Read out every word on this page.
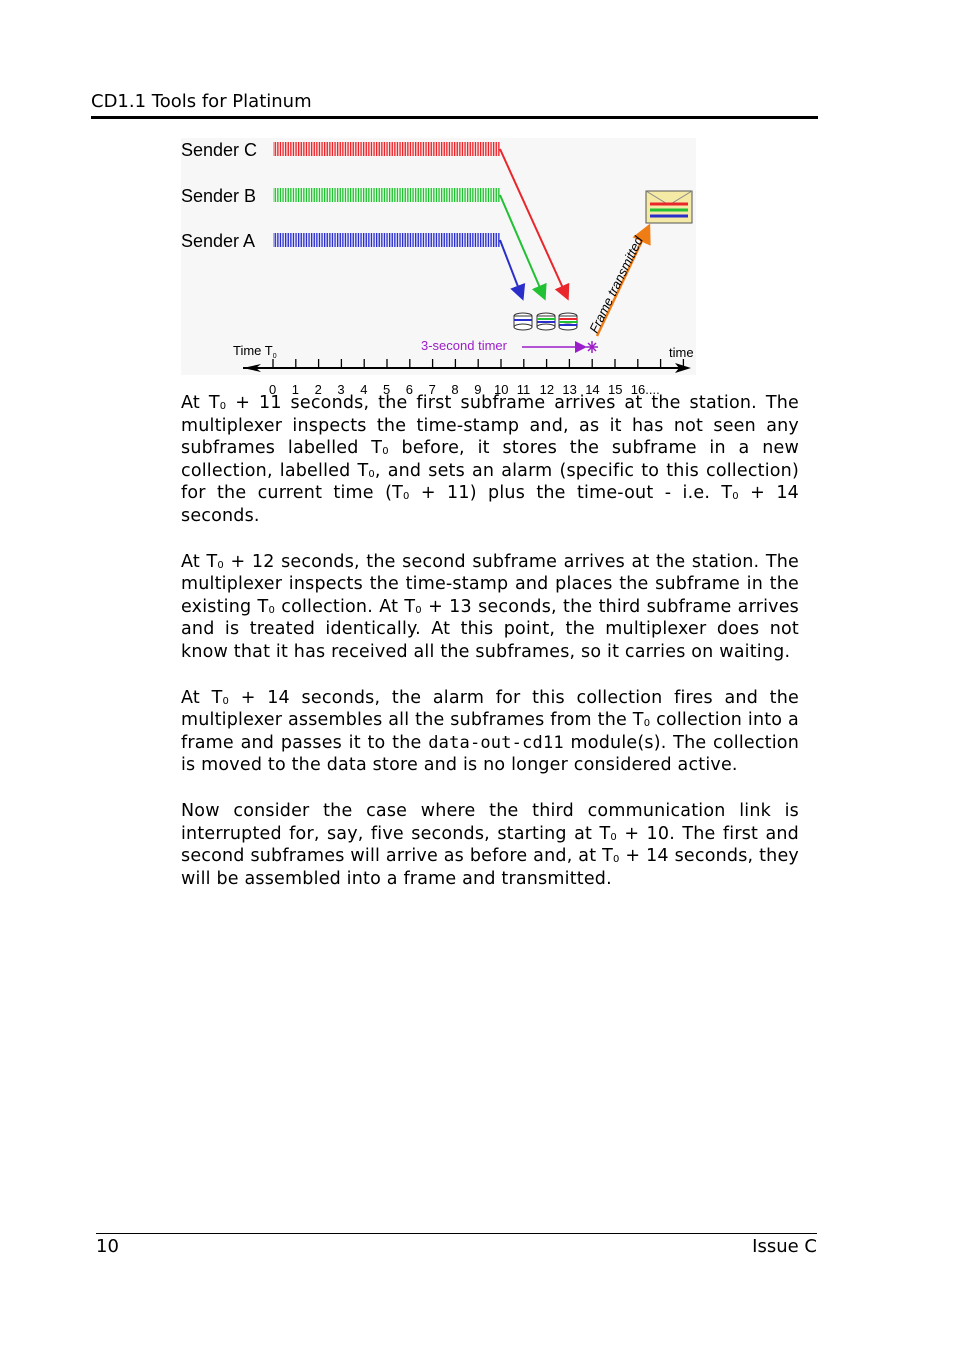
CD1.1 Tools for Platinum
Sender C
Sender B
Sender A	Frame transmitted
Time $T_0$	time
3-second timer
0 1 2 3 4 5 6 7 8 9 10 11 12 13 14 15 16....

At $T_0 + 11$ seconds, the first subframe arrives at the station. The multiplexer inspects the time-stamp and, as it has not seen any subframes labelled $T_0$ before, it stores the subframe in a new collection, labelled $T_0$, and sets an alarm (specific to this collection) for the current time $(T_0 + 11)$ plus the time-out - i.e. $T_0 + 14$ seconds.

At $T_0 + 12$ seconds, the second subframe arrives at the station. The multiplexer inspects the time-stamp and places the subframe in the existing $T_0$ collection. At $T_0 + 13$ seconds, the third subframe arrives and is treated identically. At this point, the multiplexer does not know that it has received all the subframes, so it carries on waiting.

At $T_0 + 14$ seconds, the alarm for this collection fires and the multiplexer assembles all the subframes from the $T_0$ collection into a frame and passes it to the data-out-cd11 module(s). The collection is moved to the data store and is no longer considered active.

Now consider the case where the third communication link is interrupted for, say, five seconds, starting at $T_0 + 10$. The first and second subframes will arrive as before and, at $T_0 + 14$ seconds, they will be assembled into a frame and transmitted.

10	Issue C
